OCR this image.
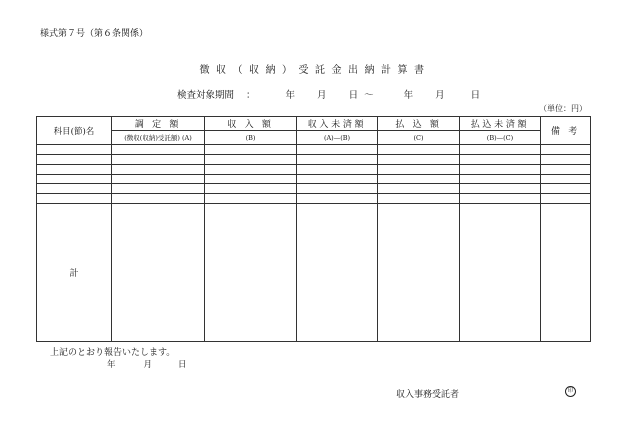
様式第７号（第６条関係）
徴収（収納）受託金出納計算書
検査対象期間 ：	年 月 日 ～	年 月	日
（単位：円）
科目(節)名	調 定 額	収 入 額	収入未済額	払 込 額	払込未済額	備 考
	(徴収(収納)受託額) (A)	(B)	(A)—(B)	(C)	(B)—(C)	

計						
上記のとおり報告いたします。
年	月	日
収入事務受託者	印
